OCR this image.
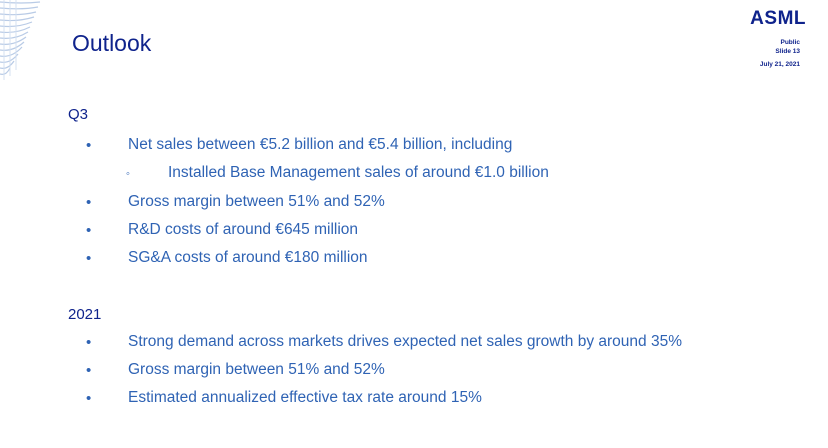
Outlook
ASML
Public
Slide 13
July 21, 2021
Q3
• Net sales between €5.2 billion and €5.4 billion, including
◦ Installed Base Management sales of around €1.0 billion
• Gross margin between 51% and 52%
• R&D costs of around €645 million
• SG&A costs of around €180 million
2021
• Strong demand across markets drives expected net sales growth by around 35%
• Gross margin between 51% and 52%
• Estimated annualized effective tax rate around 15%
